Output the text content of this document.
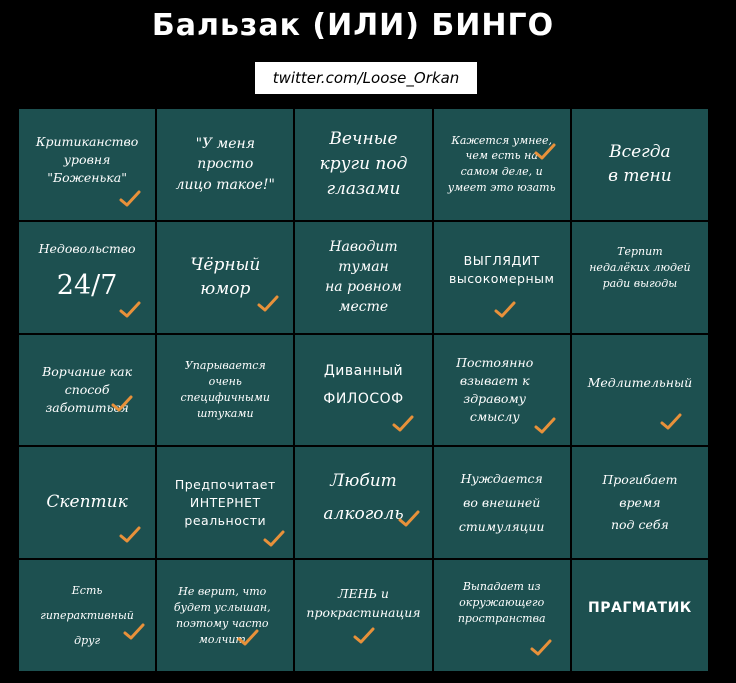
Бальзак (ИЛИ) БИНГО
twitter.com/Loose_Orkan
Критиканство
уровня
"Боженька"
"У меня
просто
лицо такое!"
Вечные
круги под
глазами
Кажется умнее,
чем есть на
самом деле, и
умеет это юзать
Всегда
в тени
Недовольство
24/7
Чёрный
юмор
Наводит
туман
на ровном
месте
ВЫГЛЯДИТ
высокомерным
Терпит
недалёких людей
ради выгоды
Ворчание как
способ
заботиться
Упарывается
очень
специфичными
штуками
Диванный
ФИЛОСОФ
Постоянно
взывает к
здравому
смыслу
Медлительный
Скептик
Предпочитает
ИНТЕРНЕТ
реальности
Любит
алкоголь
Нуждается
во внешней
стимуляции
Прогибает
время
под себя
Есть
гиперактивный
друг
Не верит, что
будет услышан,
поэтому часто
молчит
ЛЕНЬ и
прокрастинация
Выпадает из
окружающего
пространства
ПРАГМАТИК
